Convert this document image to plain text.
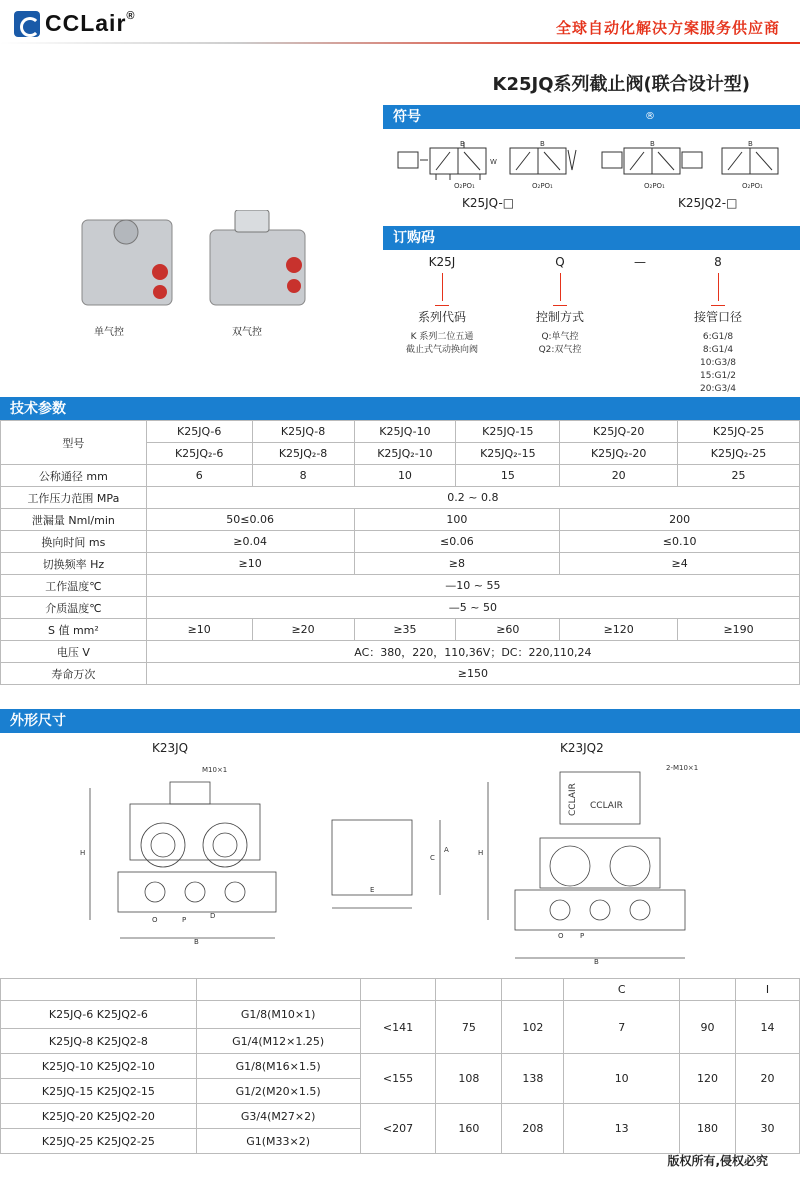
CCLair®
全球自动化解决方案服务供应商
K25JQ系列截止阀(联合设计型)
符号	®
B
O₂PO₁
W
B
O₂PO₁
B
O₂PO₁
B
O₂PO₁
K25JQ-□	K25JQ2-□
单气控	双气控
订购码
K25J
系列代码
K 系列二位五通
截止式气动换向阀
Q
控制方式
Q:单气控
Q2:双气控
—	8
接管口径
6:G1/8
8:G1/4
10:G3/8
15:G1/2
20:G3/4
技术参数
型号	K25JQ-6	K25JQ-8	K25JQ-10	K25JQ-15	K25JQ-20	K25JQ-25
	K25JQ₂-6	K25JQ₂-8	K25JQ₂-10	K25JQ₂-15	K25JQ₂-20	K25JQ₂-25
公称通径 mm	6	8	10	15	20	25
工作压力范围 MPa	0.2 ~ 0.8					
泄漏量 Nml/min	50≤0.06		100		200	
换向时间 ms	≥0.04		≤0.06		≤0.10	
切换频率 Hz	≥10		≥8		≥4	
工作温度℃	—10 ~ 55					
介质温度℃	—5 ~ 50					
S 值 mm²	≥10	≥20	≥35	≥60	≥120	≥190
电压 V	AC：380，220，110,36V；DC：220,110,24					
寿命万次	≥150					
外形尺寸
K23JQ	K23JQ2
M10×1	2-M10×1
H
O	P	D
B
A
C
E
H
O P
B
CCLAIR
CCLAIR
					C		I
K25JQ-6 K25JQ2-6	G1/8(M10×1)	<141	75	102	7	90	14
K25JQ-8 K25JQ2-8	G1/4(M12×1.25)						
K25JQ-10 K25JQ2-10	G1/8(M16×1.5)	<155	108	138	10	120	20
K25JQ-15 K25JQ2-15	G1/2(M20×1.5)						
K25JQ-20 K25JQ2-20	G3/4(M27×2)	<207	160	208	13	180	30
K25JQ-25 K25JQ2-25	G1(M33×2)						
版权所有,侵权必究
